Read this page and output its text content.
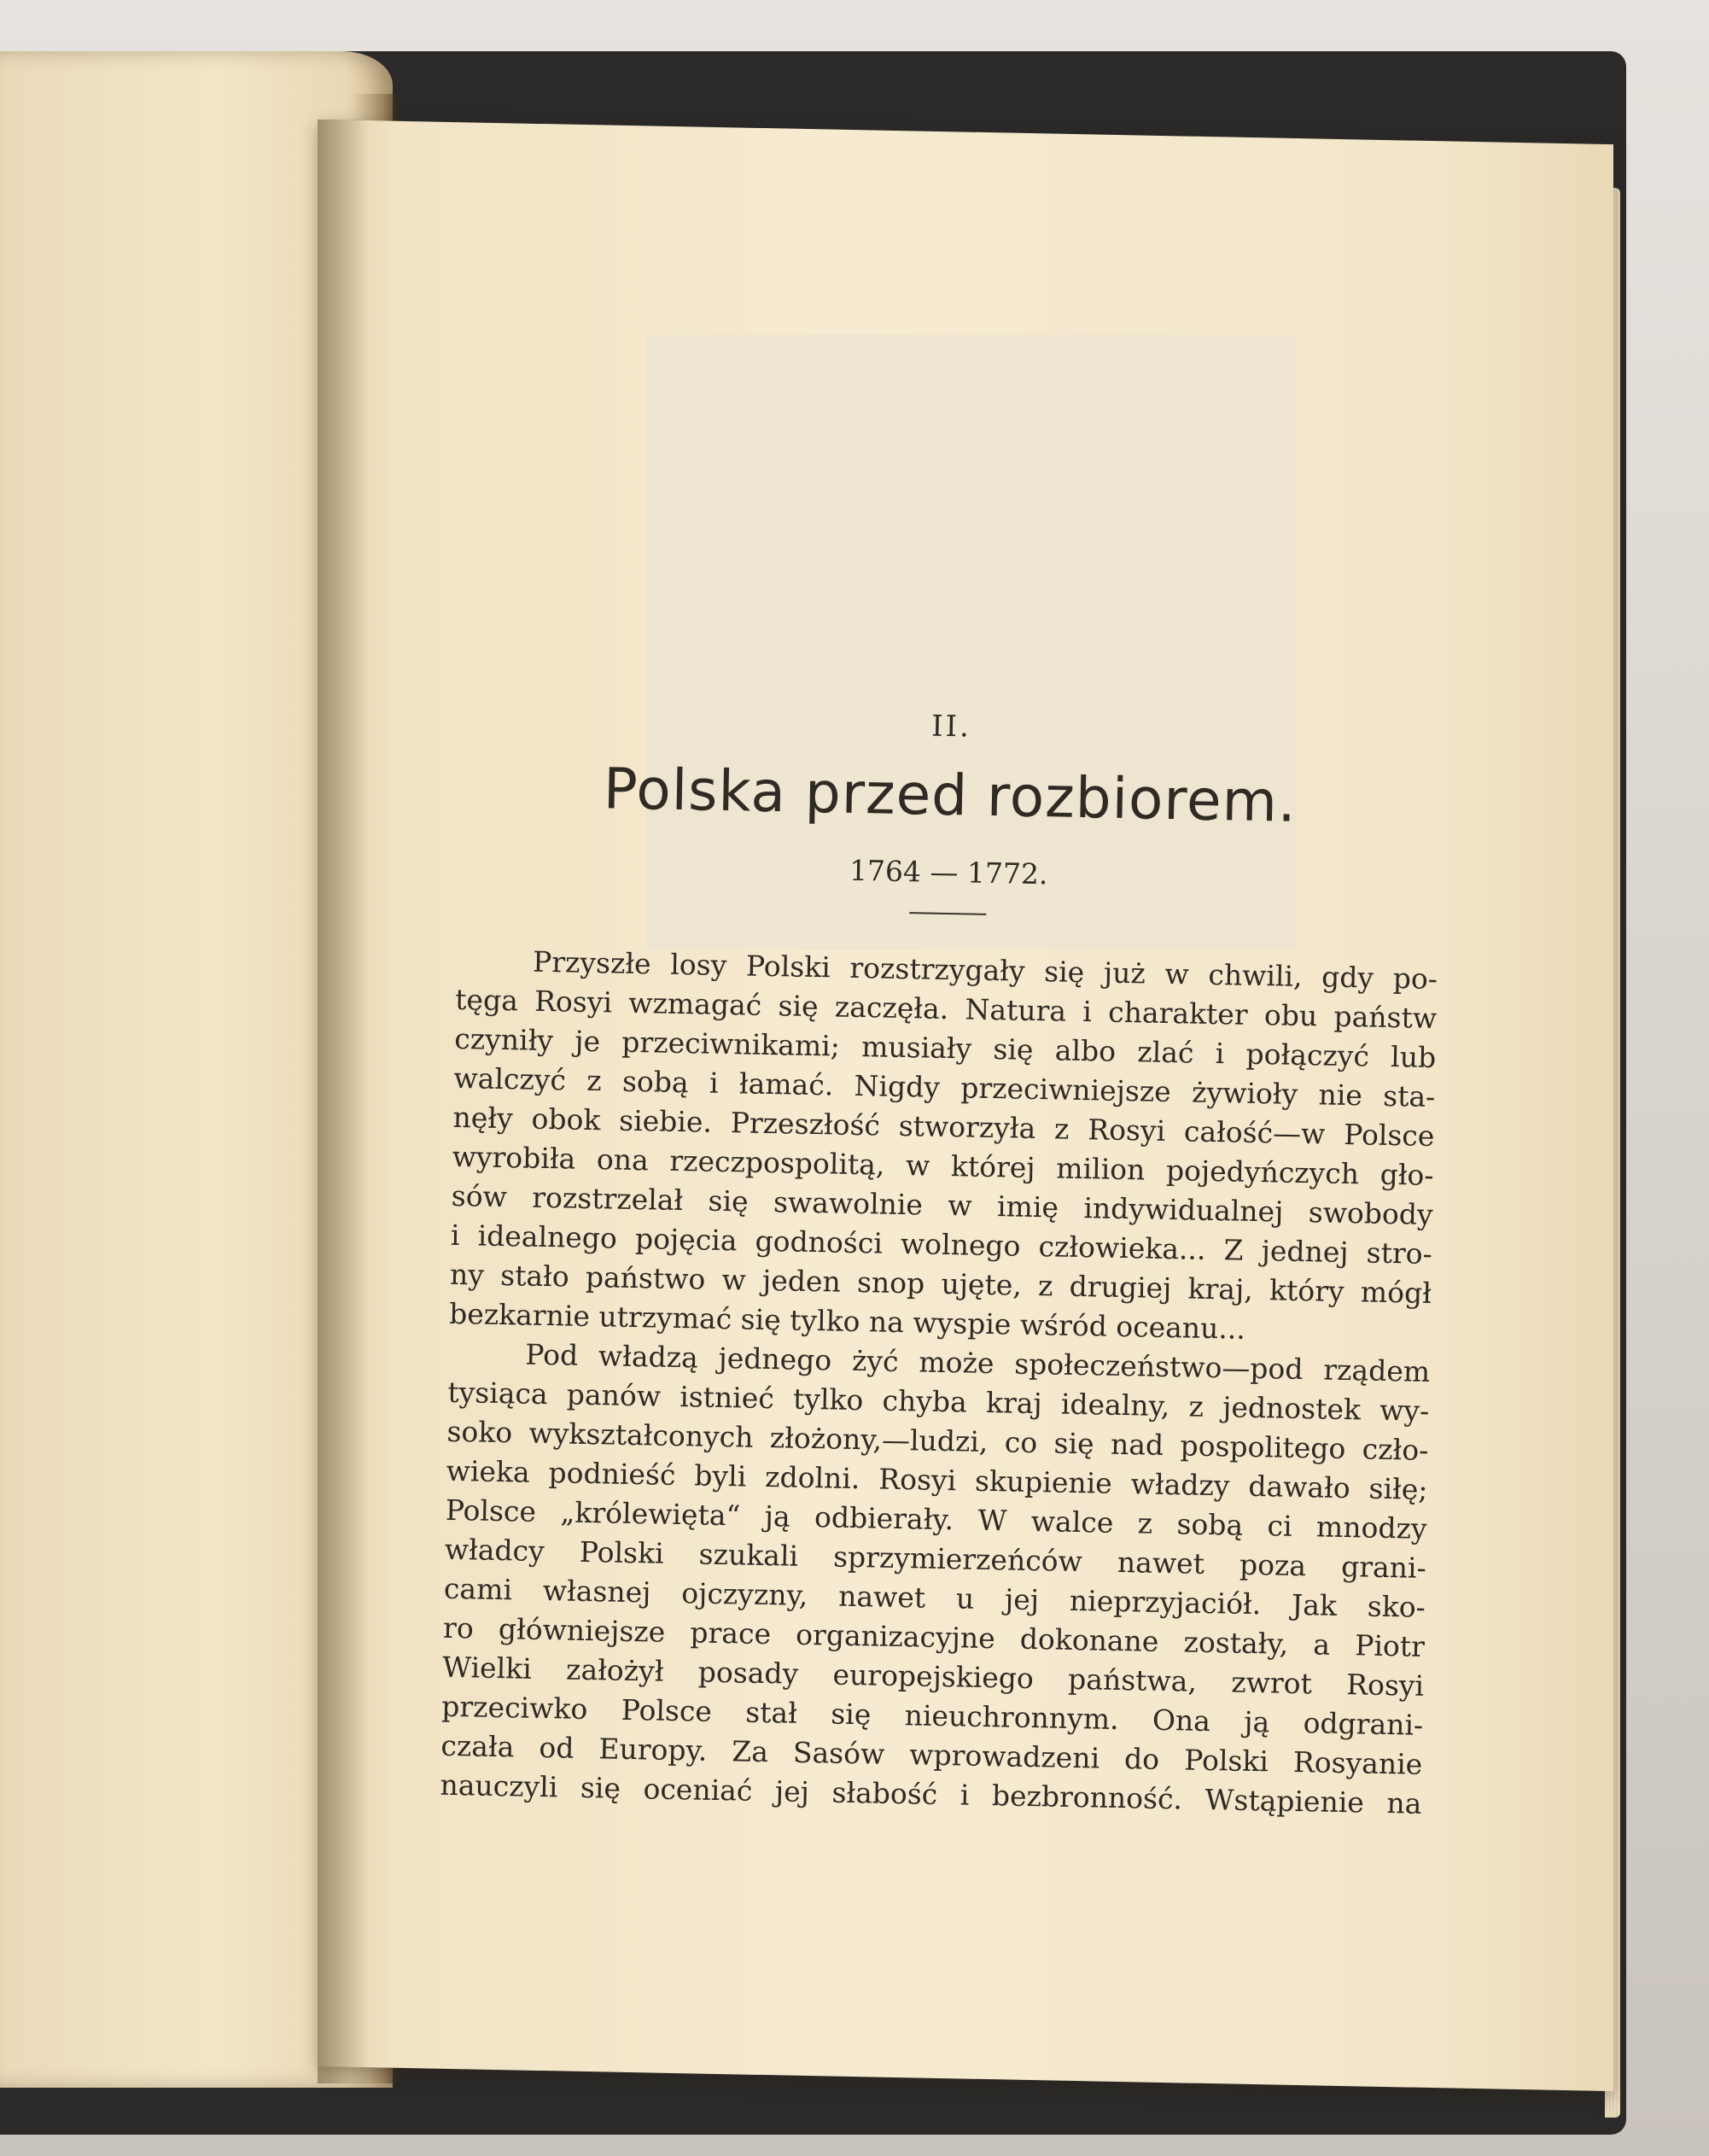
II.
Polska przed rozbiorem.
1764 — 1772.

Przyszłe losy Polski rozstrzygały się już w chwili, gdy po-
tęga Rosyi wzmagać się zaczęła. Natura i charakter obu państw
czyniły je przeciwnikami; musiały się albo zlać i połączyć lub
walczyć z sobą i łamać. Nigdy przeciwniejsze żywioły nie sta-
nęły obok siebie. Przeszłość stworzyła z Rosyi całość—w Polsce
wyrobiła ona rzeczpospolitą, w której milion pojedyńczych gło-
sów rozstrzelał się swawolnie w imię indywidualnej swobody
i idealnego pojęcia godności wolnego człowieka... Z jednej stro-
ny stało państwo w jeden snop ujęte, z drugiej kraj, który mógł
bezkarnie utrzymać się tylko na wyspie wśród oceanu...

Pod władzą jednego żyć może społeczeństwo—pod rządem
tysiąca panów istnieć tylko chyba kraj idealny, z jednostek wy-
soko wykształconych złożony,—ludzi, co się nad pospolitego czło-
wieka podnieść byli zdolni. Rosyi skupienie władzy dawało siłę;
Polsce „królewięta“ ją odbierały. W walce z sobą ci mnodzy
władcy Polski szukali sprzymierzeńców nawet poza grani-
cami własnej ojczyzny, nawet u jej nieprzyjaciół. Jak sko-
ro główniejsze prace organizacyjne dokonane zostały, a Piotr
Wielki założył posady europejskiego państwa, zwrot Rosyi
przeciwko Polsce stał się nieuchronnym. Ona ją odgrani-
czała od Europy. Za Sasów wprowadzeni do Polski Rosyanie
nauczyli się oceniać jej słabość i bezbronność. Wstąpienie na
